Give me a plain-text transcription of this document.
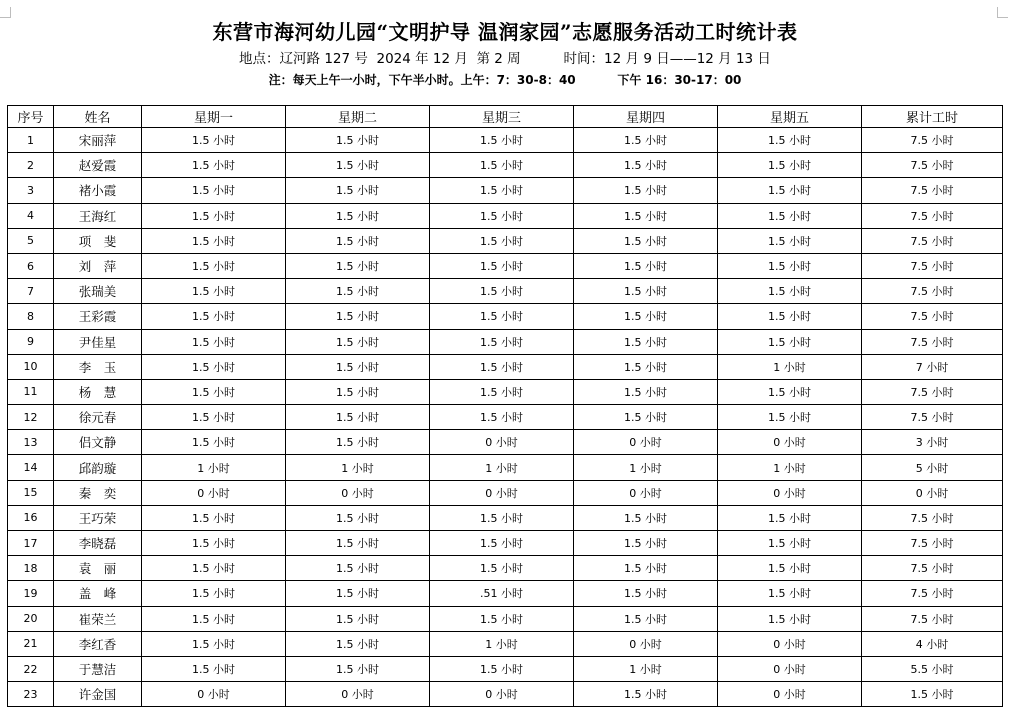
东营市海河幼儿园“文明护导 温润家园”志愿服务活动工时统计表
地点：辽河路 127 号  2024 年 12 月  第 2 周          时间：12 月 9 日——12 月 13 日
注：每天上午一小时，下午半小时。上午：7：30-8：40          下午 16：30-17：00
序号	姓名	星期一	星期二	星期三	星期四	星期五	累计工时
1	宋丽萍	1.5 小时	1.5 小时	1.5 小时	1.5 小时	1.5 小时	7.5 小时
2	赵爱霞	1.5 小时	1.5 小时	1.5 小时	1.5 小时	1.5 小时	7.5 小时
3	褚小霞	1.5 小时	1.5 小时	1.5 小时	1.5 小时	1.5 小时	7.5 小时
4	王海红	1.5 小时	1.5 小时	1.5 小时	1.5 小时	1.5 小时	7.5 小时
5	项　斐	1.5 小时	1.5 小时	1.5 小时	1.5 小时	1.5 小时	7.5 小时
6	刘　萍	1.5 小时	1.5 小时	1.5 小时	1.5 小时	1.5 小时	7.5 小时
7	张瑞美	1.5 小时	1.5 小时	1.5 小时	1.5 小时	1.5 小时	7.5 小时
8	王彩霞	1.5 小时	1.5 小时	1.5 小时	1.5 小时	1.5 小时	7.5 小时
9	尹佳星	1.5 小时	1.5 小时	1.5 小时	1.5 小时	1.5 小时	7.5 小时
10	李　玉	1.5 小时	1.5 小时	1.5 小时	1.5 小时	1 小时	7 小时
11	杨　慧	1.5 小时	1.5 小时	1.5 小时	1.5 小时	1.5 小时	7.5 小时
12	徐元春	1.5 小时	1.5 小时	1.5 小时	1.5 小时	1.5 小时	7.5 小时
13	侣文静	1.5 小时	1.5 小时	0 小时	0 小时	0 小时	3 小时
14	邱韵璇	1 小时	1 小时	1 小时	1 小时	1 小时	5 小时
15	秦　奕	0 小时	0 小时	0 小时	0 小时	0 小时	0 小时
16	王巧荣	1.5 小时	1.5 小时	1.5 小时	1.5 小时	1.5 小时	7.5 小时
17	李晓磊	1.5 小时	1.5 小时	1.5 小时	1.5 小时	1.5 小时	7.5 小时
18	袁　丽	1.5 小时	1.5 小时	1.5 小时	1.5 小时	1.5 小时	7.5 小时
19	盖　峰	1.5 小时	1.5 小时	.51 小时	1.5 小时	1.5 小时	7.5 小时
20	崔荣兰	1.5 小时	1.5 小时	1.5 小时	1.5 小时	1.5 小时	7.5 小时
21	李红香	1.5 小时	1.5 小时	1 小时	0 小时	0 小时	4 小时
22	于慧洁	1.5 小时	1.5 小时	1.5 小时	1 小时	0 小时	5.5 小时
23	许金国	0 小时	0 小时	0 小时	1.5 小时	0 小时	1.5 小时
